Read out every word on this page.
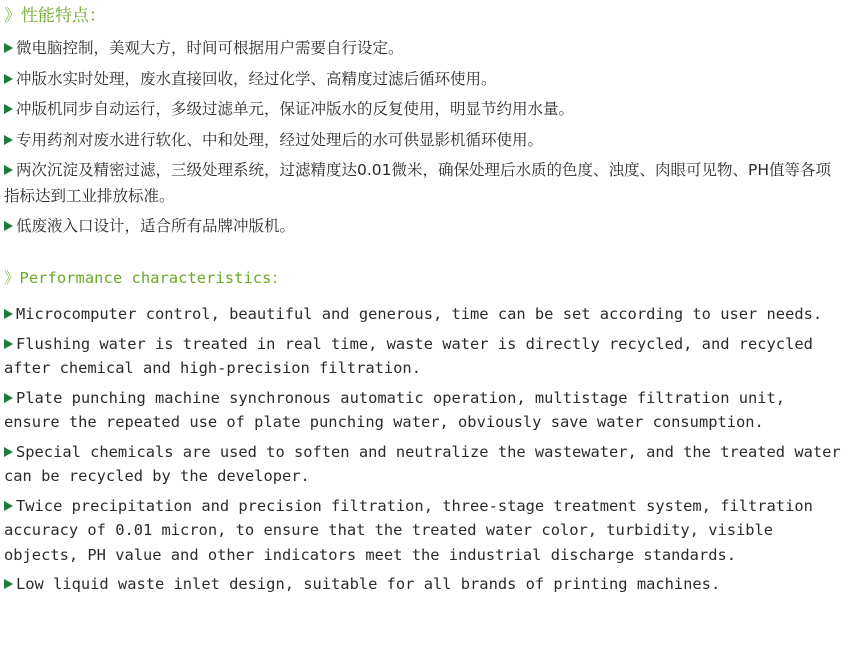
》性能特点：
微电脑控制，美观大方，时间可根据用户需要自行设定。
冲版水实时处理，废水直接回收，经过化学、高精度过滤后循环使用。
冲版机同步自动运行，多级过滤单元，保证冲版水的反复使用，明显节约用水量。
专用药剂对废水进行软化、中和处理，经过处理后的水可供显影机循环使用。
两次沉淀及精密过滤，三级处理系统，过滤精度达0.01微米，确保处理后水质的色度、浊度、肉眼可见物、PH值等各项指标达到工业排放标准。
低废液入口设计，适合所有品牌冲版机。
》Performance characteristics：
Microcomputer control, beautiful and generous, time can be set according to user needs.
Flushing water is treated in real time, waste water is directly recycled, and recycled after chemical and high-precision filtration.
Plate punching machine synchronous automatic operation, multistage filtration unit, ensure the repeated use of plate punching water, obviously save water consumption.
Special chemicals are used to soften and neutralize the wastewater, and the treated water can be recycled by the developer.
Twice precipitation and precision filtration, three-stage treatment system, filtration accuracy of 0.01 micron, to ensure that the treated water color, turbidity, visible objects, PH value and other indicators meet the industrial discharge standards.
Low liquid waste inlet design, suitable for all brands of printing machines.
